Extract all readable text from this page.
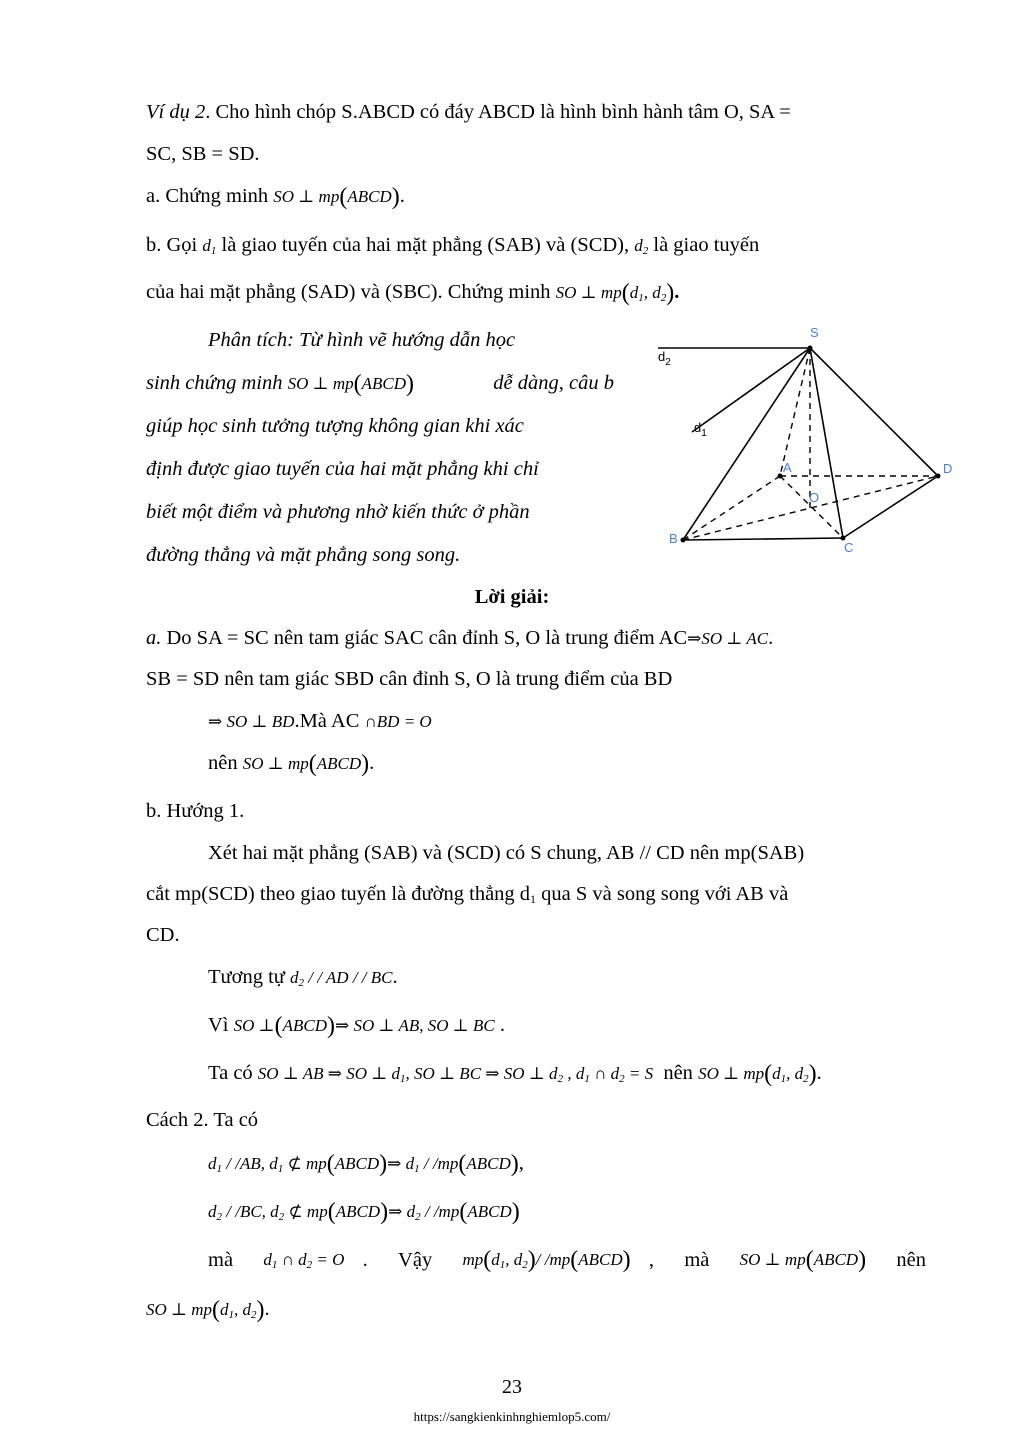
Ví dụ 2. Cho hình chóp S.ABCD có đáy ABCD là hình bình hành tâm O, SA =
SC, SB = SD.
a. Chứng minh SO ⊥ mp(ABCD).
b. Gọi $d_1$ là giao tuyến của hai mặt phẳng (SAB) và (SCD), $d_2$ là giao tuyến
của hai mặt phẳng (SAD) và (SBC). Chứng minh SO ⊥ $mp(d_1$, $d_2$).
Phân tích: Từ hình vẽ hướng dẫn học
sinh chứng minh SO ⊥ mp(ABCD)	dễ dàng, câu b
giúp học sinh tưởng tượng không gian khi xác
định được giao tuyến của hai mặt phẳng khi chỉ
biết một điểm và phương nhờ kiến thức ở phần
đường thẳng và mặt phẳng song song.
S
A
B
C
D
O
$d_2$
$d_1$
Lời giải:
a. Do SA = SC nên tam giác SAC cân đỉnh S, O là trung điểm AC⇒SO ⊥ AC.
SB = SD nên tam giác SBD cân đỉnh S, O là trung điểm của BD
⇒ SO ⊥ BD.Mà AC ∩BD = O
nên SO ⊥ mp(ABCD).
b. Hướng 1.
Xét hai mặt phẳng (SAB) và (SCD) có S chung, AB // CD nên mp(SAB)
cắt mp(SCD) theo giao tuyến là đường thẳng $d_1$ qua S và song song với AB và
CD.
Tương tự $d_2$ / / AD / / BC.
Vì SO ⊥(ABCD)⇒ SO ⊥ AB, SO ⊥ BC .
Ta có SO ⊥ AB ⇒ SO ⊥ $d_1$, SO ⊥ BC ⇒ SO ⊥ $d_2$ , $d_1$ ∩ $d_2 = S$ nên SO ⊥ $mp(d_1$, $d_2$).
Cách 2. Ta có
$d_1 / /AB$, $d_1$ ⊄ mp(ABCD)⇒ $d_1$ / /mp(ABCD),
$d_2 / /BC$, $d_2$ ⊄ mp(ABCD)⇒ $d_2$ / /mp(ABCD)
mà $d_1$ ∩ $d_2 = O$ . Vậy $mp(d_1$, $d_2)/$ /mp(ABCD) , mà SO ⊥ mp(ABCD) nên
SO ⊥ $mp(d_1$, $d_2$).
23
https://sangkienkinhnghiemlop5.com/
